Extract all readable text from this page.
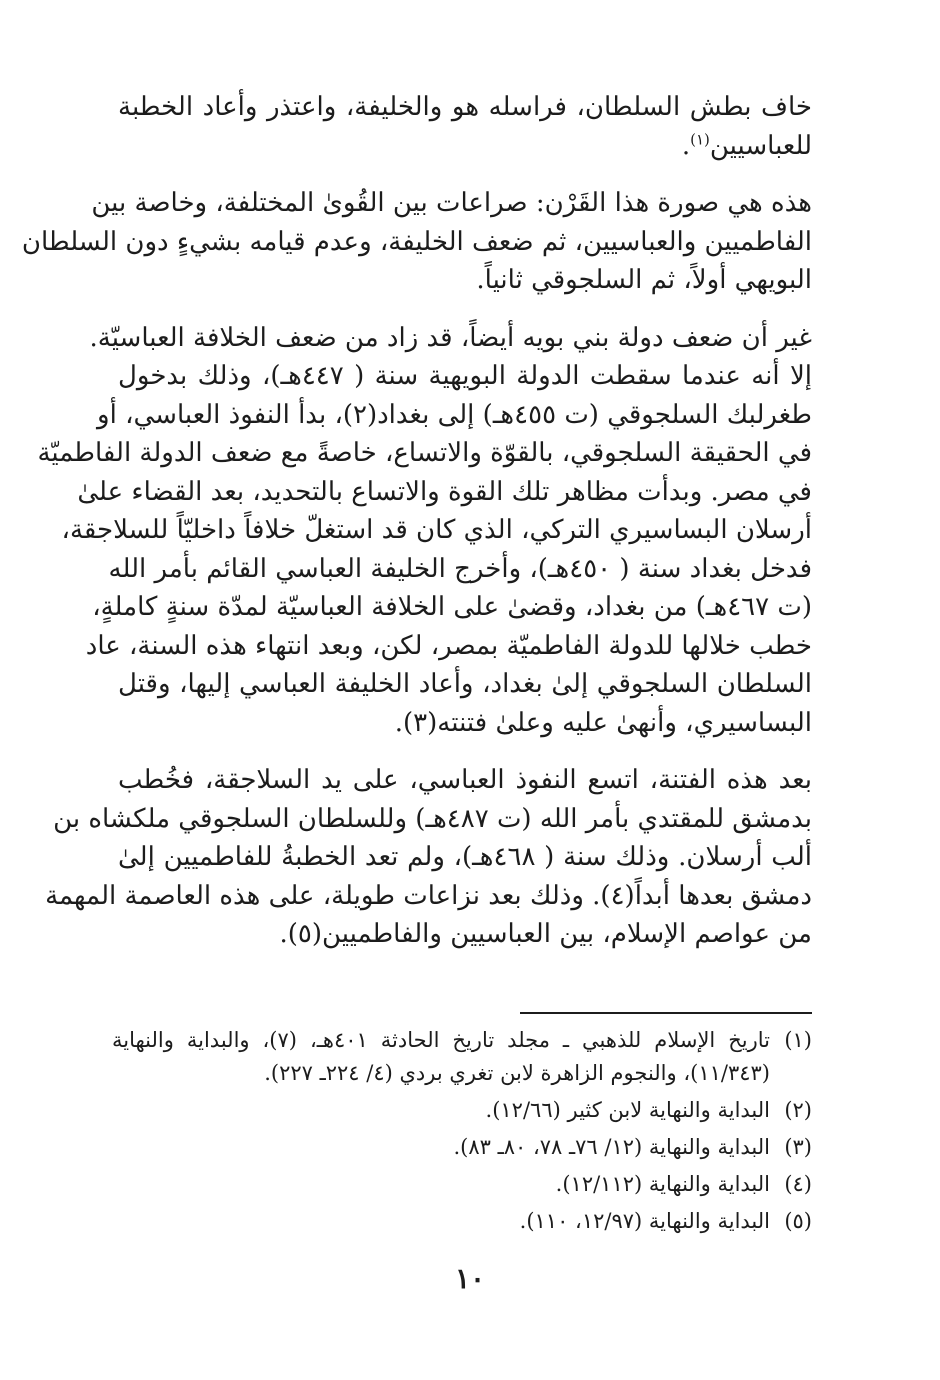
خاف بطش السلطان، فراسله هو والخليفة، واعتذر وأعاد الخطبة
للعباسيين$^{(١)}$.
هذه هي صورة هذا القَرْن: صراعات بين القُوىٰ المختلفة، وخاصة بين
الفاطميين والعباسيين، ثم ضعف الخليفة، وعدم قيامه بشيءٍ دون السلطان
البويهي أولاً، ثم السلجوقي ثانياً.
غير أن ضعف دولة بني بويه أيضاً، قد زاد من ضعف الخلافة العباسيّة.
إلا أنه عندما سقطت الدولة البويهية سنة ( ٤٤٧هـ)، وذلك بدخول
طغرلبك السلجوقي (ت ٤٥٥هـ) إلى بغداد(٢)، بدأ النفوذ العباسي، أو
في الحقيقة السلجوقي، بالقوّة والاتساع، خاصةً مع ضعف الدولة الفاطميّة
في مصر. وبدأت مظاهر تلك القوة والاتساع بالتحديد، بعد القضاء علىٰ
أرسلان البساسيري التركي، الذي كان قد استغلّ خلافاً داخليّاً للسلاجقة،
فدخل بغداد سنة ( ٤٥٠هـ)، وأخرج الخليفة العباسي القائم بأمر الله
(ت ٤٦٧هـ) من بغداد، وقضىٰ على الخلافة العباسيّة لمدّة سنةٍ كاملةٍ،
خطب خلالها للدولة الفاطميّة بمصر، لكن، وبعد انتهاء هذه السنة، عاد
السلطان السلجوقي إلىٰ بغداد، وأعاد الخليفة العباسي إليها، وقتل
البساسيري، وأنهىٰ عليه وعلىٰ فتنته(٣).
بعد هذه الفتنة، اتسع النفوذ العباسي، على يد السلاجقة، فخُطب
بدمشق للمقتدي بأمر الله (ت ٤٨٧هـ) وللسلطان السلجوقي ملكشاه بن
ألب أرسلان. وذلك سنة ( ٤٦٨هـ)، ولم تعد الخطبةُ للفاطميين إلىٰ
دمشق بعدها أبداً(٤). وذلك بعد نزاعات طويلة، على هذه العاصمة المهمة
من عواصم الإسلام، بين العباسيين والفاطميين(٥).
(١)
تاريخ الإسلام للذهبي ـ مجلد تاريخ الحادثة ٤٠١هـ، (٧)، والبداية والنهاية
(١١/٣٤٣)، والنجوم الزاهرة لابن تغري بردي (٤/ ٢٢٤ـ ٢٢٧).
(٢)
البداية والنهاية لابن كثير (١٢/٦٦).
(٣)
البداية والنهاية (١٢/ ٧٦ـ ٧٨، ٨٠ـ ٨٣).
(٤)
البداية والنهاية (١٢/١١٢).
(٥)
البداية والنهاية (١٢/٩٧، ١١٠).
١٠
